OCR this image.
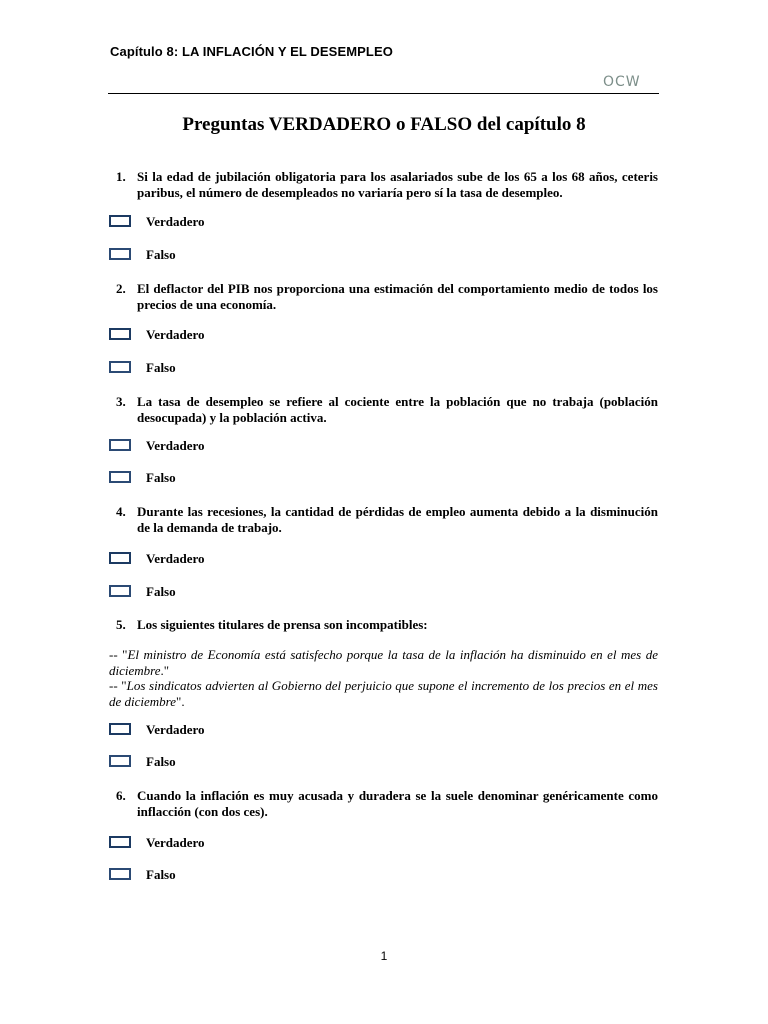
Capítulo 8: LA INFLACIÓN Y EL DESEMPLEO
OCW
Preguntas VERDADERO o FALSO del capítulo 8
1. Si la edad de jubilación obligatoria para los asalariados sube de los 65 a los 68 años, ceteris paribus, el número de desempleados no variaría pero sí la tasa de desempleo.
Verdadero
Falso
2. El deflactor del PIB nos proporciona una estimación del comportamiento medio de todos los precios de una economía.
Verdadero
Falso
3. La tasa de desempleo se refiere al cociente entre la población que no trabaja (población desocupada) y la población activa.
Verdadero
Falso
4. Durante las recesiones, la cantidad de pérdidas de empleo aumenta debido a la disminución de la demanda de trabajo.
Verdadero
Falso
5. Los siguientes titulares de prensa son incompatibles:
-- "El ministro de Economía está satisfecho porque la tasa de la inflación ha disminuido en el mes de diciembre."
-- "Los sindicatos advierten al Gobierno del perjuicio que supone el incremento de los precios en el mes de diciembre".
Verdadero
Falso
6. Cuando la inflación es muy acusada y duradera se la suele denominar genéricamente como inflacción (con dos ces).
Verdadero
Falso
1
